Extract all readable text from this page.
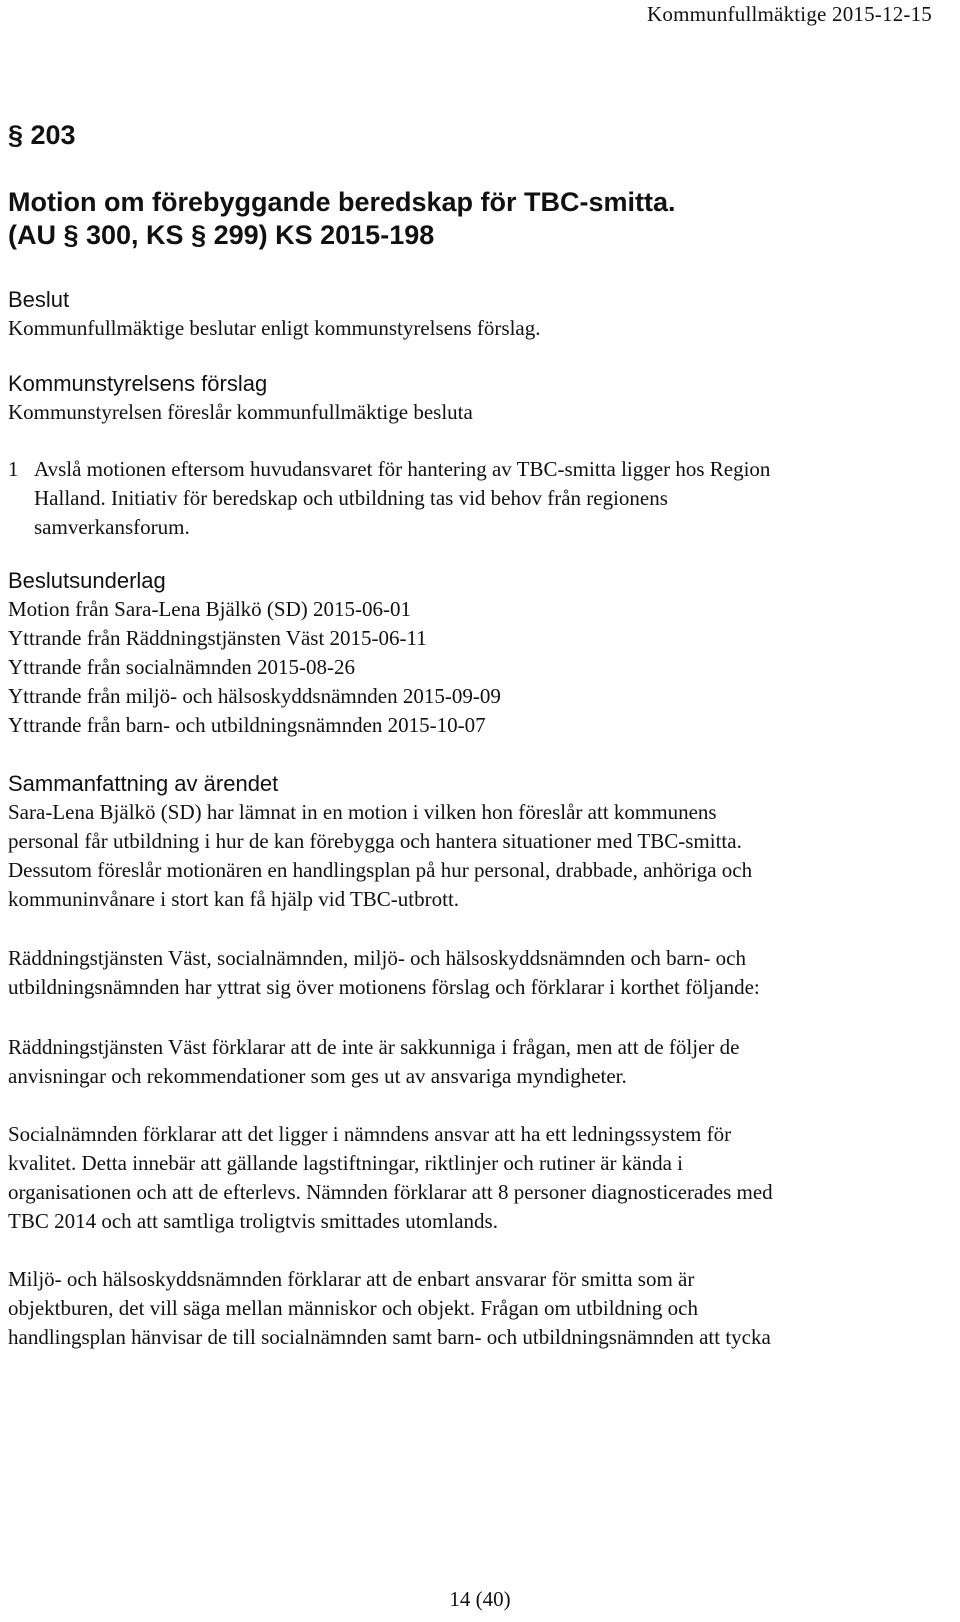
Kommunfullmäktige 2015-12-15
§ 203
Motion om förebyggande beredskap för TBC-smitta.
(AU § 300, KS § 299) KS 2015-198
Beslut
Kommunfullmäktige beslutar enligt kommunstyrelsens förslag.
Kommunstyrelsens förslag
Kommunstyrelsen föreslår kommunfullmäktige besluta
1 Avslå motionen eftersom huvudansvaret för hantering av TBC-smitta ligger hos Region
Halland. Initiativ för beredskap och utbildning tas vid behov från regionens
samverkansforum.
Beslutsunderlag
Motion från Sara-Lena Bjälkö (SD) 2015-06-01
Yttrande från Räddningstjänsten Väst 2015-06-11
Yttrande från socialnämnden 2015-08-26
Yttrande från miljö- och hälsoskyddsnämnden 2015-09-09
Yttrande från barn- och utbildningsnämnden 2015-10-07
Sammanfattning av ärendet
Sara-Lena Bjälkö (SD) har lämnat in en motion i vilken hon föreslår att kommunens
personal får utbildning i hur de kan förebygga och hantera situationer med TBC-smitta.
Dessutom föreslår motionären en handlingsplan på hur personal, drabbade, anhöriga och
kommuninvånare i stort kan få hjälp vid TBC-utbrott.
Räddningstjänsten Väst, socialnämnden, miljö- och hälsoskyddsnämnden och barn- och
utbildningsnämnden har yttrat sig över motionens förslag och förklarar i korthet följande:
Räddningstjänsten Väst förklarar att de inte är sakkunniga i frågan, men att de följer de
anvisningar och rekommendationer som ges ut av ansvariga myndigheter.
Socialnämnden förklarar att det ligger i nämndens ansvar att ha ett ledningssystem för
kvalitet. Detta innebär att gällande lagstiftningar, riktlinjer och rutiner är kända i
organisationen och att de efterlevs. Nämnden förklarar att 8 personer diagnosticerades med
TBC 2014 och att samtliga troligtvis smittades utomlands.
Miljö- och hälsoskyddsnämnden förklarar att de enbart ansvarar för smitta som är
objektburen, det vill säga mellan människor och objekt. Frågan om utbildning och
handlingsplan hänvisar de till socialnämnden samt barn- och utbildningsnämnden att tycka
14 (40)
